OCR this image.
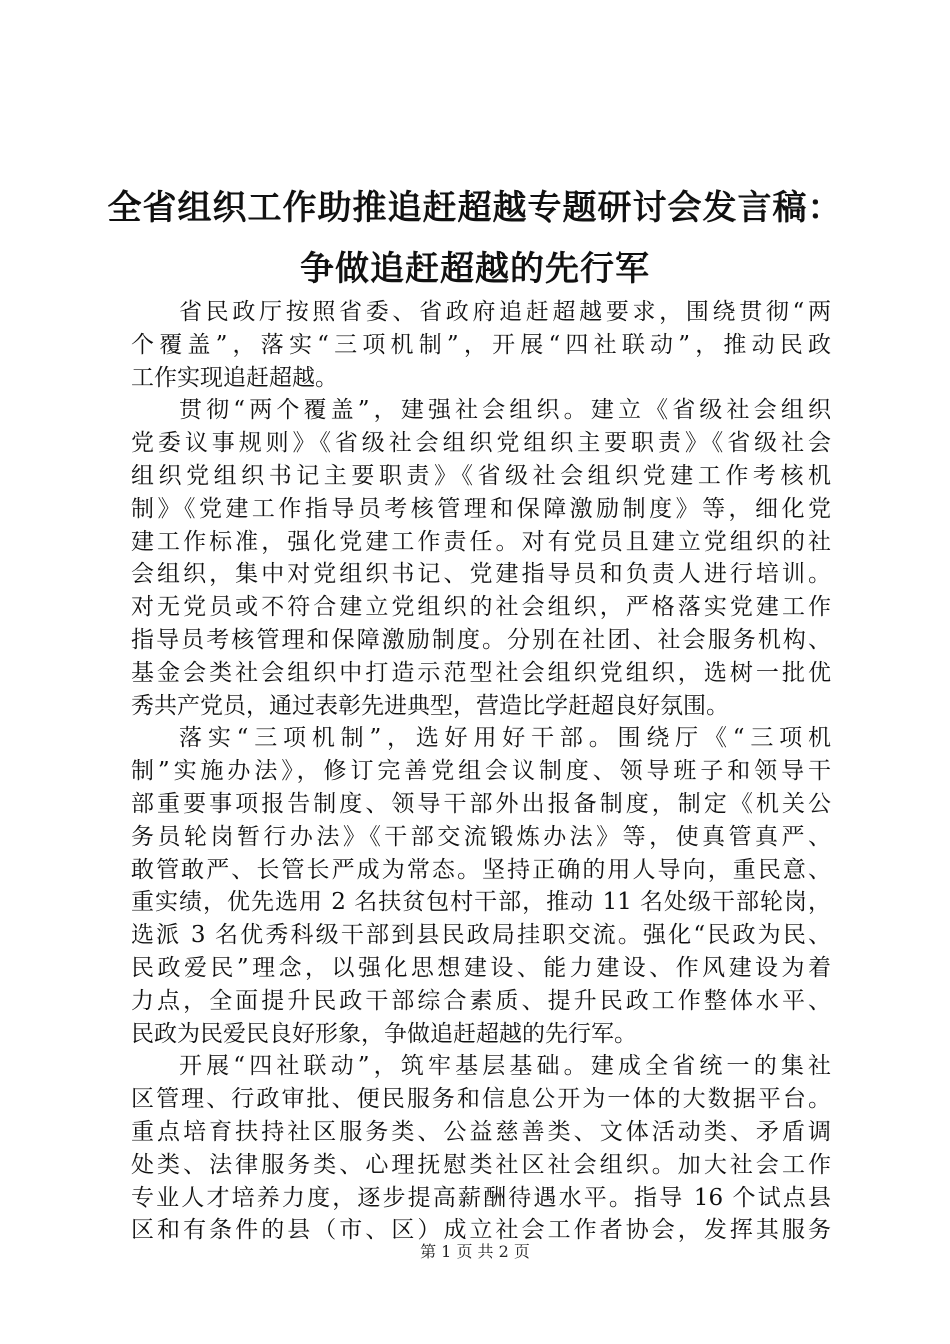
全省组织工作助推追赶超越专题研讨会发言稿：
争做追赶超越的先行军
省民政厅按照省委、省政府追赶超越要求，围绕贯彻“两
个覆盖”，落实“三项机制”，开展“四社联动”，推动民政
工作实现追赶超越。
贯彻“两个覆盖”，建强社会组织。建立《省级社会组织
党委议事规则》《省级社会组织党组织主要职责》《省级社会
组织党组织书记主要职责》《省级社会组织党建工作考核机
制》《党建工作指导员考核管理和保障激励制度》等，细化党
建工作标准，强化党建工作责任。对有党员且建立党组织的社
会组织，集中对党组织书记、党建指导员和负责人进行培训。
对无党员或不符合建立党组织的社会组织，严格落实党建工作
指导员考核管理和保障激励制度。分别在社团、社会服务机构、
基金会类社会组织中打造示范型社会组织党组织，选树一批优
秀共产党员，通过表彰先进典型，营造比学赶超良好氛围。
落实“三项机制”，选好用好干部。围绕厅《“三项机
制”实施办法》，修订完善党组会议制度、领导班子和领导干
部重要事项报告制度、领导干部外出报备制度，制定《机关公
务员轮岗暂行办法》《干部交流锻炼办法》等，使真管真严、
敢管敢严、长管长严成为常态。坚持正确的用人导向，重民意、
重实绩，优先选用 2 名扶贫包村干部，推动 11 名处级干部轮岗，
选派 3 名优秀科级干部到县民政局挂职交流。强化“民政为民、
民政爱民”理念，以强化思想建设、能力建设、作风建设为着
力点，全面提升民政干部综合素质、提升民政工作整体水平、
民政为民爱民良好形象，争做追赶超越的先行军。
开展“四社联动”，筑牢基层基础。建成全省统一的集社
区管理、行政审批、便民服务和信息公开为一体的大数据平台。
重点培育扶持社区服务类、公益慈善类、文体活动类、矛盾调
处类、法律服务类、心理抚慰类社区社会组织。加大社会工作
专业人才培养力度，逐步提高薪酬待遇水平。指导 16 个试点县
区和有条件的县（市、区）成立社会工作者协会，发挥其服务
第 1 页 共 2 页
